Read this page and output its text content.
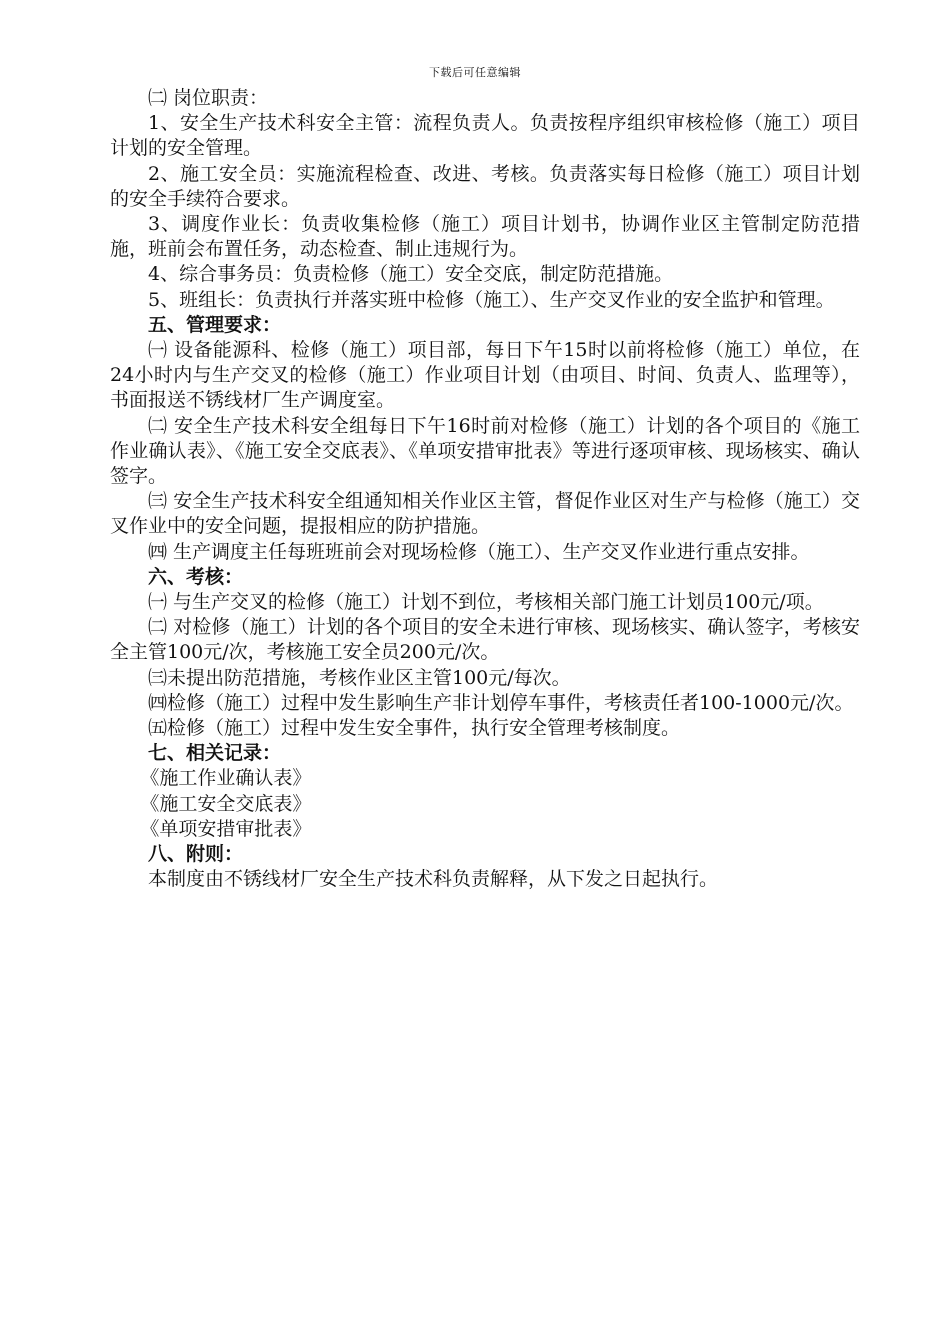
下载后可任意编辑

㈡ 岗位职责：

1、安全生产技术科安全主管：流程负责人。负责按程序组织审核检修（施工）项目计划的安全管理。

2、施工安全员：实施流程检查、改进、考核。负责落实每日检修（施工）项目计划的安全手续符合要求。

3、调度作业长：负责收集检修（施工）项目计划书，协调作业区主管制定防范措施，班前会布置任务，动态检查、制止违规行为。

4、综合事务员：负责检修（施工）安全交底，制定防范措施。

5、班组长：负责执行并落实班中检修（施工）、生产交叉作业的安全监护和管理。

五、管理要求：

㈠ 设备能源科、检修（施工）项目部，每日下午15时以前将检修（施工）单位，在24小时内与生产交叉的检修（施工）作业项目计划（由项目、时间、负责人、监理等），书面报送不锈线材厂生产调度室。

㈡ 安全生产技术科安全组每日下午16时前对检修（施工）计划的各个项目的《施工作业确认表》、《施工安全交底表》、《单项安措审批表》等进行逐项审核、现场核实、确认签字。

㈢ 安全生产技术科安全组通知相关作业区主管，督促作业区对生产与检修（施工）交叉作业中的安全问题，提报相应的防护措施。

㈣ 生产调度主任每班班前会对现场检修（施工）、生产交叉作业进行重点安排。

六、考核：

㈠ 与生产交叉的检修（施工）计划不到位，考核相关部门施工计划员100元/项。

㈡ 对检修（施工）计划的各个项目的安全未进行审核、现场核实、确认签字，考核安全主管100元/次，考核施工安全员200元/次。

㈢未提出防范措施，考核作业区主管100元/每次。

㈣检修（施工）过程中发生影响生产非计划停车事件，考核责任者100-1000元/次。

㈤检修（施工）过程中发生安全事件，执行安全管理考核制度。

七、相关记录：

《施工作业确认表》

《施工安全交底表》

《单项安措审批表》

八、附则：

本制度由不锈线材厂安全生产技术科负责解释，从下发之日起执行。
